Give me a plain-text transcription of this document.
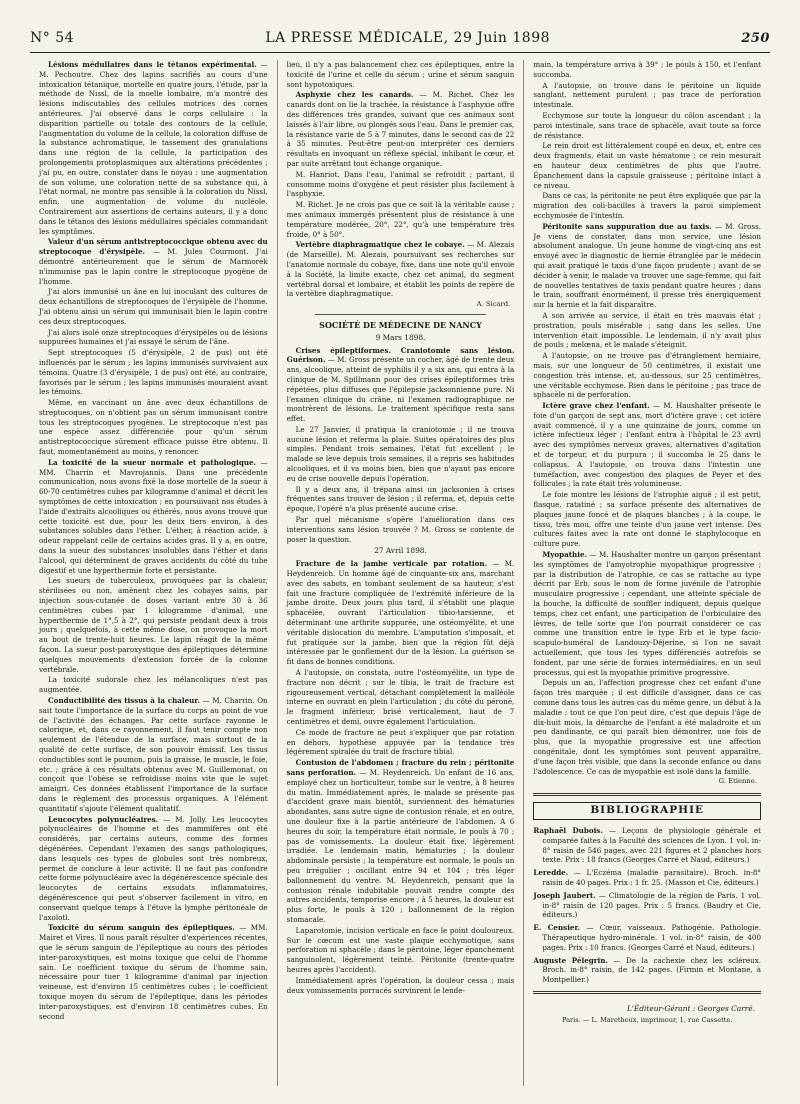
N° 54	LA PRESSE MÉDICALE, 29 Juin 1898	250

Lésions médullaires dans le tétanos expérimental. — M. Pechoutre. Chez des lapins sacrifiés au cours d'une intoxication tétanique, mortelle en quatre jours, l'étude, par la méthode de Nissl, de la moelle lombaire, m'a montré des lésions indiscutables des cellules motrices des cornes antérieures. J'ai observé dans le corps cellulaire : la disparition partielle ou totale des contours de la cellule, l'augmentation du volume de la cellule, la coloration diffuse de la substance achromatique, le tassement des granulations dans une région de la cellule, la participation des prolongements protoplasmiques aux altérations précédentes ; j'ai pu, en outre, constater dans le noyau : une augmentation de son volume, une coloration nette de sa substance qui, à l'état normal, ne montre pas sensible à la coloration du Nissl, enfin, une augmentation de volume du nucléole. Contrairement aux assertions de certains auteurs, il y a donc dans le tétanos des lésions médullaires spéciales commandant les symptômes.

Valeur d'un sérum antistreptococcique obtenu avec du streptocoque d'érysipèle. — M. Jules Courmont. J'ai démontré antérieurement que le sérum de Marmorek n'immunise pas le lapin contre le streptocoque pyogène de l'homme.

J'ai alors immunisé un âne en lui inoculant des cultures de deux échantillons de streptocoques de l'érysipèle de l'homme. J'ai obtenu ainsi un sérum qui immunisait bien le lapin contre ces deux streptocoques.

J'ai alors isolé onze streptocoques d'érysipèles ou de lésions suppurées humaines et j'ai essayé le sérum de l'âne.

Sept streptocoques (5 d'érysipèle, 2 de pus) ont été influencés par le sérum ; les lapins immunisés survivaient aux témoins. Quatre (3 d'érysipèle, 1 de pus) ont été, au contraire, favorisés par le sérum ; les lapins immunisés mouraient avant les témoins.

Même, en vaccinant un âne avec deux échantillons de streptocoques, on n'obtient pas un sérum immunisant contre tous les streptocoques pyogènes. Le streptocoque n'est pas une espèce assez différenciée pour qu'un sérum antistreptococcique sûrement efficace puisse être obtenu. Il faut, momentanément au moins, y renoncer.

La toxicité de la sueur normale et pathologique. — MM. Charrin et Mavrojannis. Dans une précédente communication, nous avons fixé la dose mortelle de la sueur à 60-70 centimètres cubes par kilogramme d'animal et décrit les symptômes de cette intoxication ; en poursuivant nos études à l'aide d'extraits alcooliques ou éthérés, nous avons trouvé que cette toxicité est due, pour les deux tiers environ, à des substances solubles dans l'éther. L'éther, à réaction acide, à odeur rappelant celle de certains acides gras. Il y a, en outre, dans la sueur des substances insolubles dans l'éther et dans l'alcool, qui déterminent de graves accidents du côté du tube digestif et une hyperthermie forte et persistante.

Les sueurs de tuberculeux, provoquées par la chaleur, stérilisées ou non, amènent chez les cobayes sains, par injection sous-cutanée de doses variant entre 30 à 36 centimètres cubes par 1 kilogramme d'animal, une hyperthermie de 1°,5 à 2°, qui persiste pendant deux à trois jours ; quelquefois, à cette même dose, on provoque la mort au bout de trente-huit heures. Le lapin réagit de la même façon. La sueur post-paroxystique des épileptiques détermine quelques mouvements d'extension forcée de la colonne vertébrale.

La toxicité sudorale chez les mélancoliques n'est pas augmentée.

Conductibilité des tissus à la chaleur. — M. Charrin. On sait toute l'importance de la surface du corps au point de vue de l'activité des échanges. Par cette surface rayonne le calorique, et, dans ce rayonnement, il faut tenir compte non seulement de l'étendue de la surface, mais surtout de la qualité de cette surface, de son pouvoir émissif. Les tissus conductibles sont le poumon, puis la graisse, le muscle, le foie, etc. ; grâce à ces résultats obtenus avec M. Guillemonat, on conçoit que l'obèse se refroidisse moins vite que le sujet amaigri. Ces données établissent l'importance de la surface dans le règlement des processus organiques. A l'élément quantitatif s'ajoute l'élément qualitatif.

Leucocytes polynucléaires. — M. Jolly. Les leucocytes polynucléaires de l'homme et des mammifères ont été considérés, par certains auteurs, comme des formes dégénérées. Cependant l'examen des sangs pathologiques, dans lesquels ces types de globules sont très nombreux, permet de conclure à leur activité. Il ne faut pas confondre cette forme polynucléaire avec la dégénérescence spéciale des leucocytes de certains exsudats inflammatoires, dégénérescence qui peut s'observer facilement in vitro, en conservant quelque temps à l'étuve la lymphe péritonéale de l'axolotl.

Toxicité du sérum sanguin des épileptiques. — MM. Mairet et Vires. Il nous paraît résulter d'expériences récentes, que le sérum sanguin de l'épileptique au cours des périodes inter-paroxystiques, est moins toxique que celui de l'homme sain. Le coefficient toxique du sérum de l'homme sain, nécessaire pour tuer 1 kilogramme d'animal par injection veineuse, est d'environ 15 centimètres cubes ; le coefficient toxique moyen du sérum de l'épileptique, dans les périodes inter-paroxystiques, est d'environ 18 centimètres cubes. En second

lieu, il n'y a pas balancement chez ces épileptiques, entre la toxicité de l'urine et celle du sérum ; urine et sérum sanguin sont hypotoxiques.

Asphyxie chez les canards. — M. Richet. Chez les canards dont on lie la trachée, la résistance à l'asphyxie offre des différences très grandes, suivant que ces animaux sont laissés à l'air libre, ou plongés sous l'eau. Dans le premier cas, la résistance varie de 5 à 7 minutes, dans le second cas de 22 à 35 minutes. Peut-être peut-on interpréter ces derniers résultats en invoquant un réflexe spécial, inhibant le cœur, et par suite arrêtant tout échange organique.

M. Hanriot. Dans l'eau, l'animal se refroidit ; partant, il consomme moins d'oxygène et peut résister plus facilement à l'asphyxie.

M. Richet. Je ne crois pas que ce soit là la véritable cause ; mes animaux immergés présentent plus de résistance à une température modérée, 20°, 22°, qu'à une température très froide, 0° à 50°.

Vertèbre diaphragmatique chez le cobaye. — M. Alezais (de Marseille). M. Alezais, poursuivant ses recherches sur l'anatomie normale du cobaye, fixe, dans une note qu'il envoie à la Société, la limite exacte, chez cet animal, du segment vertébral dorsal et lombaire, et établit les points de repère de la vertèbre diaphragmatique.

A. Sicard.
SOCIÉTÉ DE MÉDECINE DE NANCY
9 Mars 1898.

Crises épileptiformes. Craniotomie sans lésion. Guérison. — M. Gross présente un cocher, âgé de trente deux ans, alcoolique, atteint de syphilis il y a six ans, qui entra à la clinique de M. Spillmann pour des crises épileptiformes très répétées, plus diffuses que l'épilepsie jacksonnienne pure. Ni l'examen clinique du crâne, ni l'examen radiographique ne montrèrent de lésions. Le traitement spécifique resta sans effet.

Le 27 Janvier, il pratiqua la craniotomie ; il ne trouva aucune lésion et referma la plaie. Suites opératoires des plus simples. Pendant trois semaines, l'état fut excellent ; le malade se lève depuis trois semaines, il a repris ses habitudes alcooliques, et il va moins bien, bien que n'ayant pas encore eu de crise nouvelle depuis l'opération.

Il y a deux ans, il trépana ainsi un jacksonien à crises fréquentes sans trouver de lésion ; il referma, et, depuis cette époque, l'opéré n'a plus présenté aucune crise.

Par quel mécanisme s'opère l'amélioration dans ces interventions sans lésion trouvée ? M. Gross se contente de poser la question.

27 Avril 1898.

Fracture de la jambe verticale par rotation. — M. Heydenreich. Un homme âgé de cinquante-six ans, marchant avec des sabots, en tombant seulement de sa hauteur, s'est fait une fracture compliquée de l'extrémité inférieure de la jambe droite. Deux jours plus tard, il s'établit une plaque sphacélée, ouvrant l'articulation tibio-tarsienne, et déterminant une arthrite suppurée, une ostéomyélite, et une véritable dislocation du membre. L'amputation s'imposait, et fut pratiquée sur la jambe, bien que la région fût déjà intéressée par le gonflement dur de la lésion. La guérison se fit dans de bonnes conditions.

A l'autopsie, on constata, outre l'ostéomyélite, un type de fracture non décrit ; sur le tibia, le trait de fracture est rigoureusement vertical, détachant complètement la malléole interne en ouvrant en plein l'articulation ; du côté du péroné, le fragment inférieur, brisé verticalement, haut de 7 centimètres et demi, ouvre également l'articulation.

Ce mode de fracture ne peut s'expliquer que par rotation en dehors, hypothèse appuyée par la tendance très légèrement spiralée du trait de fracture tibial.

Contusion de l'abdomen ; fracture du rein ; péritonite sans perforation. — M. Heydenreich. Un enfant de 16 ans, employé chez un horticulteur, tombe sur le ventre, à 8 heures du matin. Immédiatement après, le malade se présente pas d'accident grave mais bientôt, surviennent des hématuries abondantes, sans autre signe de contusion rénale, et en outre, une douleur fixe à la partie antérieure de l'abdomen. A 6 heures du soir, la température était normale, le pouls à 70 ; pas de vomissements. La douleur était fixe, légèrement irradiée. Le lendemain matin, hématuries ; la douleur abdominale persiste ; la température est normale, le pouls un peu irrégulier ; oscillant entre 94 et 104 ; très léger ballonnement du ventre. M. Heydenreich, pensant que la contusion rénale indubitable pouvait rendre compte des autres accidents, temporise encore ; à 5 heures, la douleur est plus forte, le pouls à 120 ; ballonnement de la région stomacale.

Laparotomie, incision verticale en face le point douloureux. Sur le cœcum est une vaste plaque ecchymotique, sans perforation ni sphacèle ; dans le péritoine, léger épanchement sanguinolent, légèrement teinté. Péritonite (trente-quatre heures après l'accident).

Immédiatement après l'opération, la douleur cessa ; mais deux vomissements porracés survinrent le lende-

main, la température arriva à 39° ; le pouls à 150, et l'enfant succomba.

A l'autopsie, on trouve dans le péritoine un liquide sanglant, nettement purulent ; pas trace de perforation intestinale.

Ecchymose sur toute la longueur du côlon ascendant ; la paroi intestinale, sans trace de sphacèle, avait toute sa force de résistance.

Le rein droit est littéralement coupé en deux, et, entre ces deux fragments, était un vaste hématome ; ce rein mesurait en hauteur deux centimètres de plus que l'autre. Épanchement dans la capsule graisseuse ; péritoine intact à ce niveau.

Dans ce cas, la péritonite ne peut être expliquée que par la migration des coli-bacilles à travers la paroi simplement ecchymosée de l'intestin.

Péritonite sans suppuration due au taxis. — M. Gross. Je viens de constater, dans mon service, une lésion absolument analogue. Un jeune homme de vingt-cinq ans est envoyé avec le diagnostic de hernie étranglée par le médecin qui avait pratiqué le taxis d'une façon prudente ; avant de se décider à venir, le malade va trouver une sage-femme, qui fait de nouvelles tentatives de taxis pendant quatre heures ; dans le train, souffrant énormément, il presse très énergiquement sur la hernie et la fait disparaître.

A son arrivée au service, il était en très mauvais état ; prostration, pouls misérable ; sang dans les selles. Une intervention était impossible. Le lendemain, il n'y avait plus de pouls ; melœna, et le malade s'éteignit.

A l'autopsie, on ne trouve pas d'étranglement herniaire, mais, sur une longueur de 50 centimètres, il existait une congestion très intense, et, au-dessous, sur 25 centimètres, une véritable ecchymose. Rien dans le péritoine ; pas trace de sphacèle ni de perforation.

Ictère grave chez l'enfant. — M. Haushalter présente le foie d'un garçon de sept ans, mort d'ictère grave : cet ictère avait commencé, il y a une quinzaine de jours, comme un ictère infectieux léger ; l'enfant entra à l'hôpital le 23 avril avec des symptômes nerveux graves, alternatives d'agitation et de torpeur, et du purpura ; il succomba le 25 dans le collapsus. A l'autopsie, on trouva dans l'intestin une tuméfaction, avec congestion des plaques de Peyer et des follicules ; la rate était très volumineuse.

Le foie montre les lésions de l'atrophie aiguë ; il est petit, flasque, ratatiné ; sa surface présente des alternatives de plaques jaune foncé et de plaques blanches ; à la coupe, le tissu, très mou, offre une teinte d'un jaune vert intense. Des cultures faites avec la rate ont donné le staphylocoque en culture pure.

Myopathie. — M. Haushalter montre un garçon présentant les symptômes de l'amyotrophie myopathique progressive ; par la distribution de l'atrophie, ce cas se rattache au type décrit par Erb, sous le nom de forme juvénile de l'atrophie musculaire progressive ; cependant, une atteinte spéciale de la bouche, la difficulté de souffler indiquent, depuis quelque temps, chez cet enfant, une participation de l'orbiculaire des lèvres, de telle sorte que l'on pourrait considérer ce cas comme une transition entre le type Erb et le type facio-scapulo-huméral de Landouzy-Déjerine, si l'on ne savait actuellement, que tous les types différenciés autrefois se fondent, par une série de formes intermédiaires, en un seul processus, qui est la myopathie primitive progressive.

Depuis un an, l'affection progresse chez cet enfant d'une façon très marquée ; il est difficile d'assigner, dans ce cas comme dans tous les autres cas du même genre, un début à la maladie ; tout ce que l'on peut dire, c'est que depuis l'âge de dix-huit mois, la démarche de l'enfant a été maladroite et un peu dandinante, ce qui paraît bien démontrer, une fois de plus, que la myopathie progressive est une affection congénitale, dont les symptômes sont peuvent apparaître, d'une façon très visible, que dans la seconde enfance ou dans l'adolescence. Ce cas de myopathie est isolé dans la famille.

G. Etienne.
BIBLIOGRAPHIE

Raphaël Dubois. — Leçons de physiologie générale et comparée faites à la Faculté des sciences de Lyon. 1 vol. in-8° raisin de 546 pages, avec 221 figures et 2 planches hors texte. Prix : 18 francs (Georges Carré et Naud, éditeurs.)

Leredde. — L'Eczéma (maladie parasitaire). Broch. in-8° raisin de 40 pages. Prix : 1 fr. 25. (Masson et Cie, éditeurs.)

Joseph Jaubert. — Climatologie de la région de Paris. 1 vol. in-8° raisin de 120 pages. Prix : 5 francs. (Baudry et Cie, éditeurs.)

E. Censier. — Cœur, vaisseaux. Pathogénie. Pathologie. Thérapeutique hydro-minérale. 1 vol. in-8° raisin, de 400 pages. Prix : 10 francs. (Georges Carré et Naud, éditeurs.)

Auguste Pélegrin. — De la cachexie chez les scléreux. Broch. in-8° raisin, de 142 pages. (Firmin et Montane, à Montpellier.)

L'Éditeur-Gérant : Georges Carré.
Paris. — L. Maretheux, imprimeur, 1, rue Cassette.
